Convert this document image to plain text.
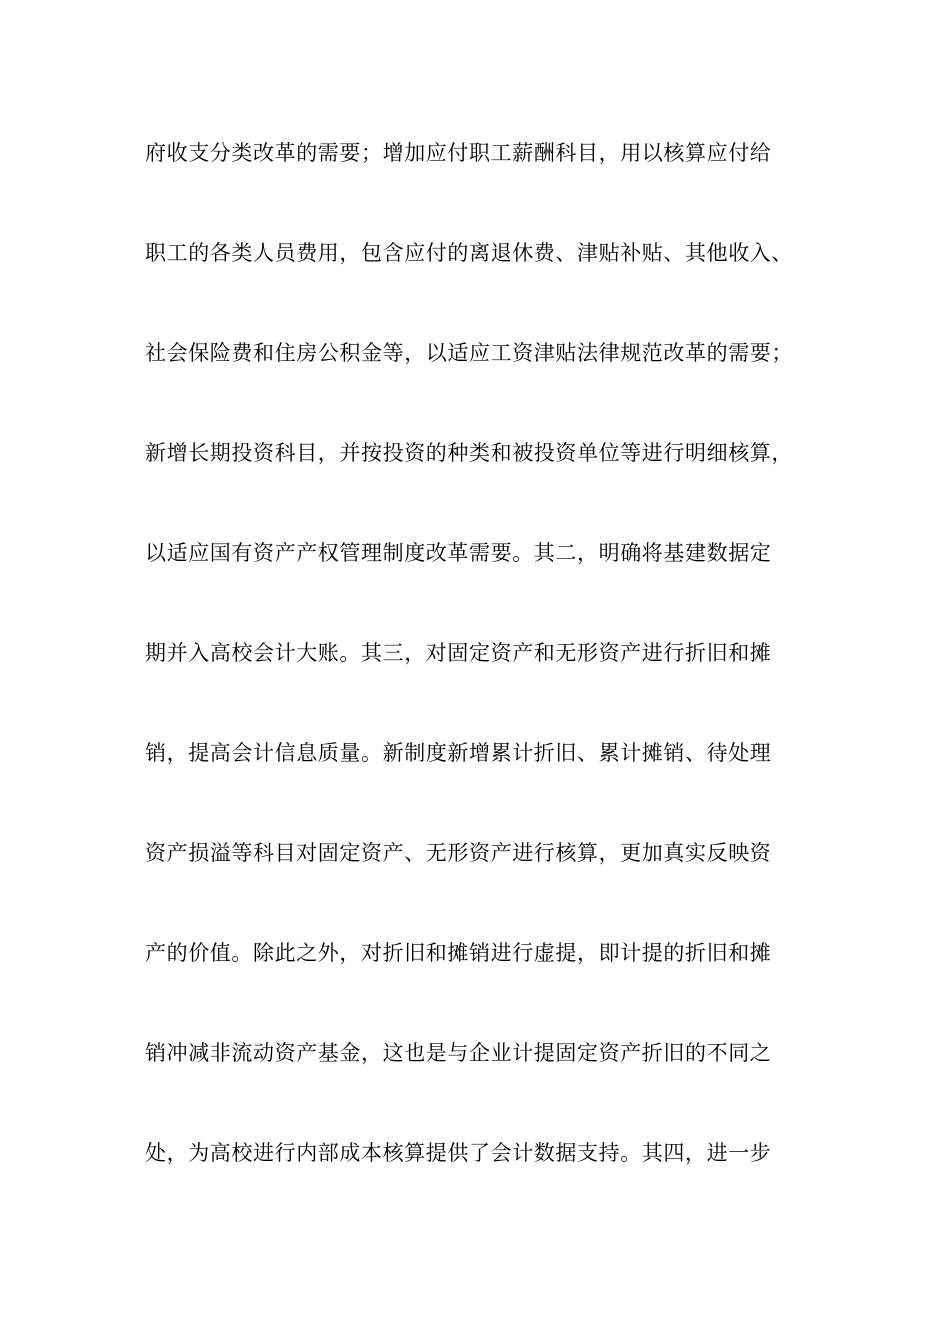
府收支分类改革的需要；增加应付职工薪酬科目，用以核算应付给
职工的各类人员费用，包含应付的离退休费、津贴补贴、其他收入、
社会保险费和住房公积金等，以适应工资津贴法律规范改革的需要；
新增长期投资科目，并按投资的种类和被投资单位等进行明细核算，
以适应国有资产产权管理制度改革需要。其二，明确将基建数据定
期并入高校会计大账。其三，对固定资产和无形资产进行折旧和摊
销，提高会计信息质量。新制度新增累计折旧、累计摊销、待处理
资产损溢等科目对固定资产、无形资产进行核算，更加真实反映资
产的价值。除此之外，对折旧和摊销进行虚提，即计提的折旧和摊
销冲减非流动资产基金，这也是与企业计提固定资产折旧的不同之
处，为高校进行内部成本核算提供了会计数据支持。其四，进一步
